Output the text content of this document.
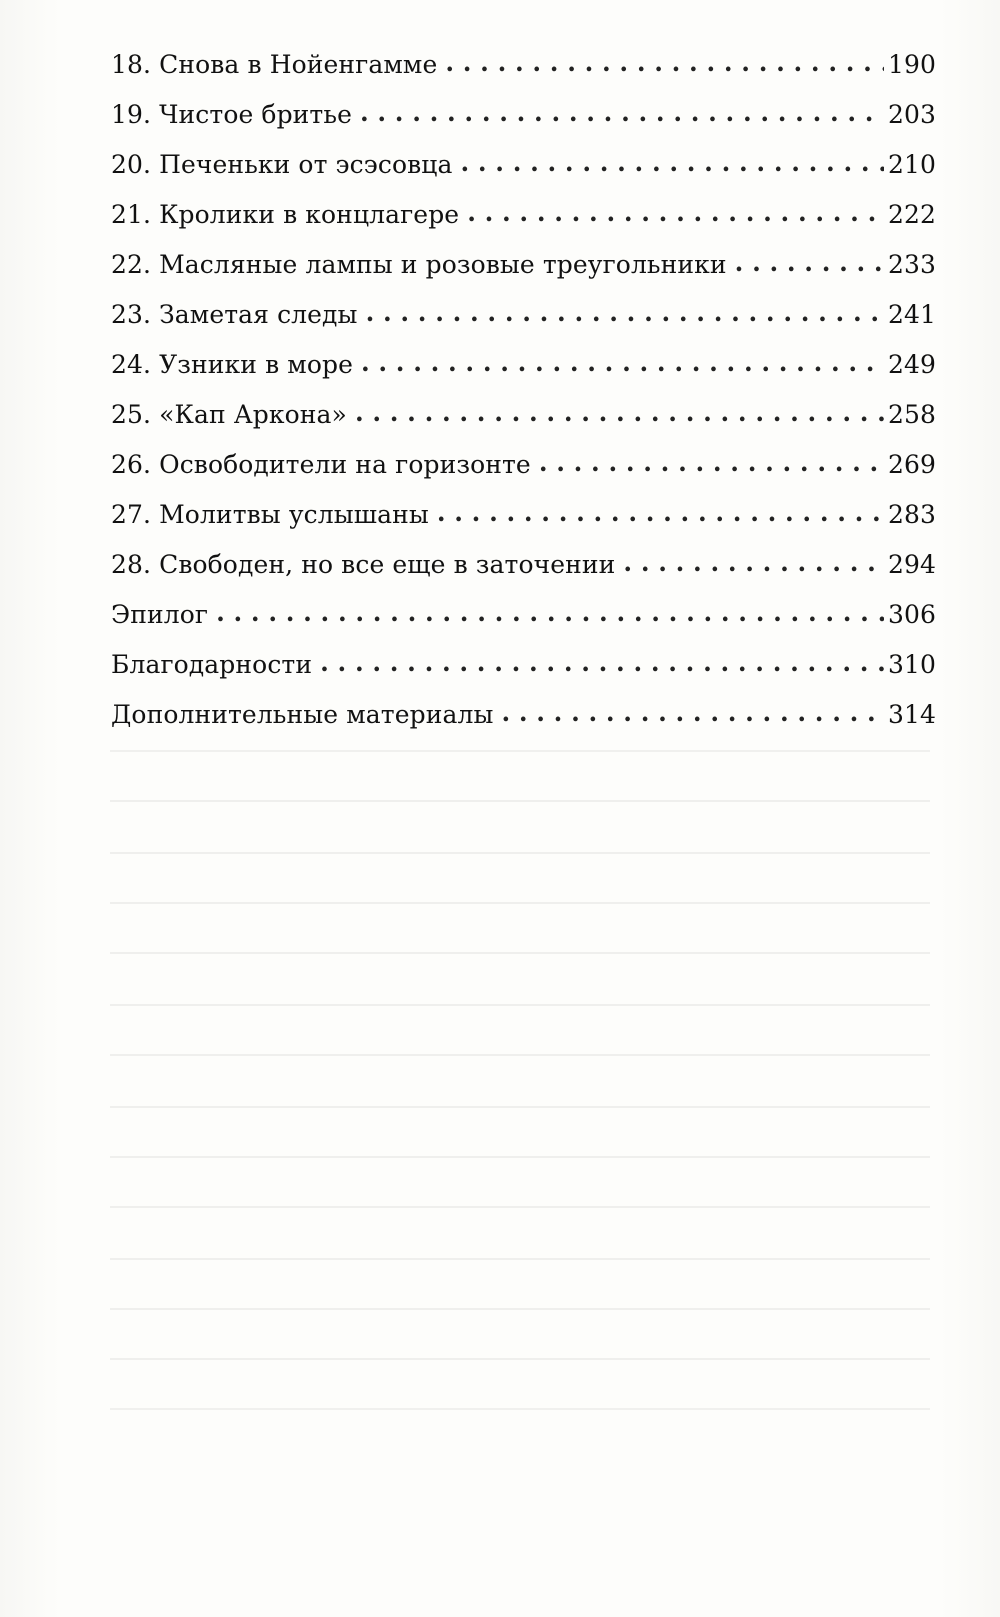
18. Снова в Нойенгамме . . .	190
19. Чистое бритье . . .	203
20. Печеньки от эсэсовца . . .	210
21. Кролики в концлагере . . .	222
22. Масляные лампы и розовые треугольники . . .	233
23. Заметая следы . . .	241
24. Узники в море . . .	249
25. «Кап Аркона» . . .	258
26. Освободители на горизонте . . .	269
27. Молитвы услышаны . . .	283
28. Свободен, но все еще в заточении . . .	294
Эпилог . . .	306
Благодарности . . .	310
Дополнительные материалы . . .	314
